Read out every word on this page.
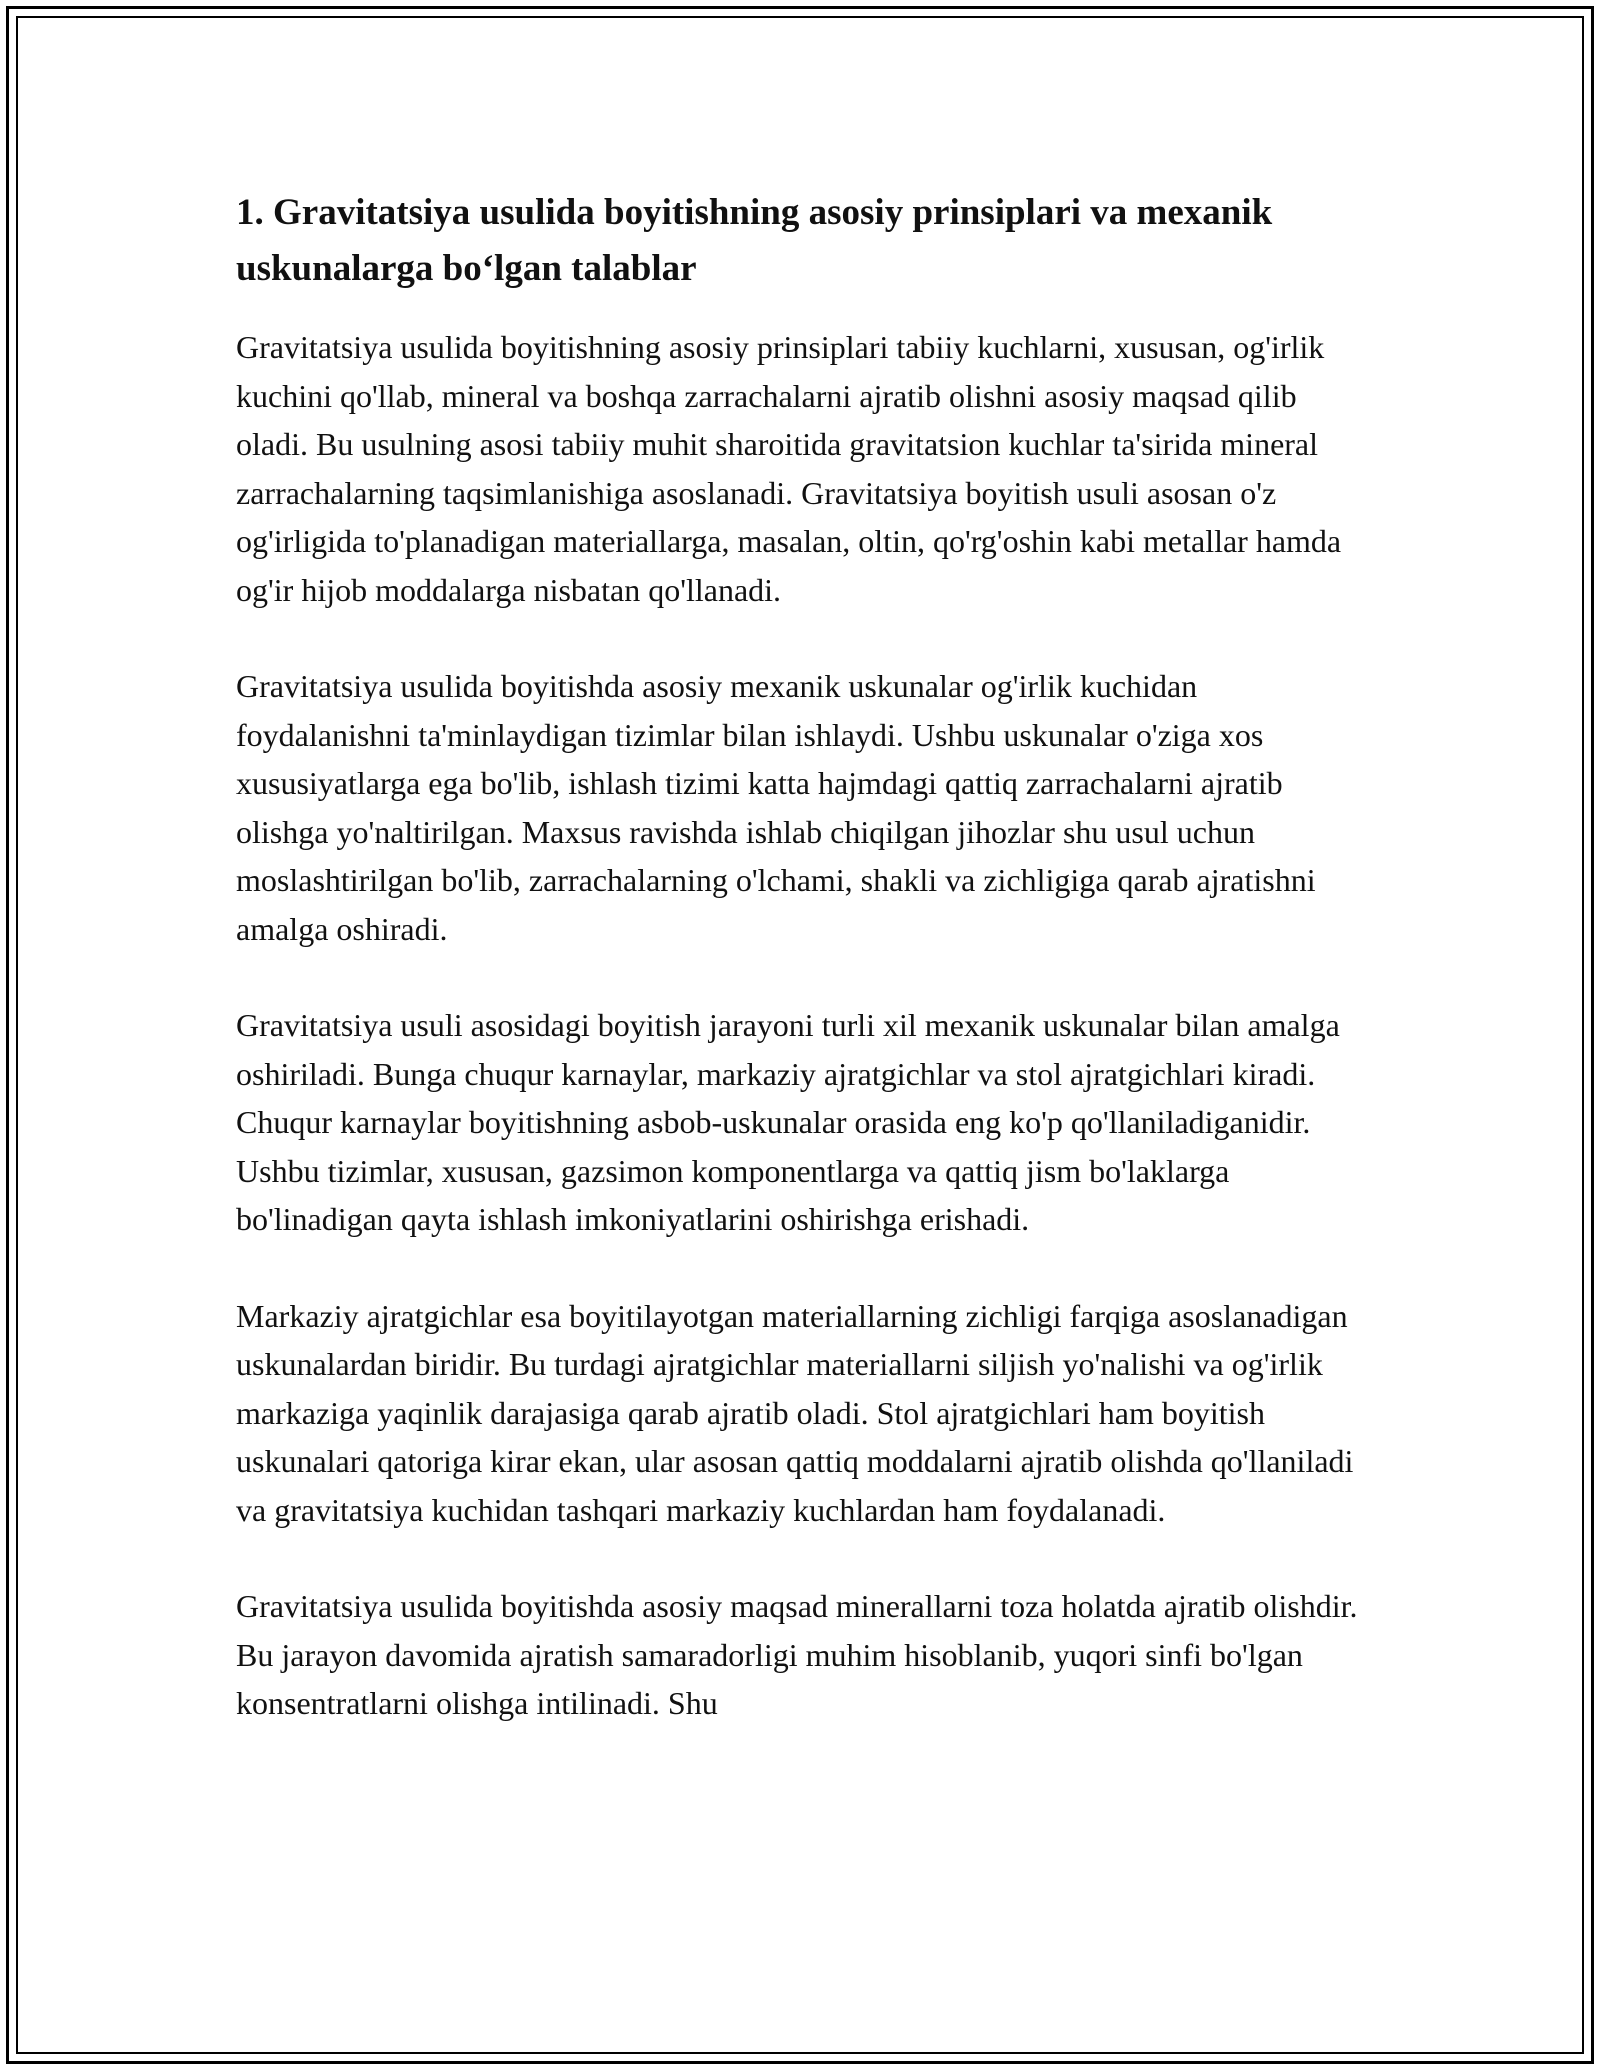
1. Gravitatsiya usulida boyitishning asosiy prinsiplari va mexanik uskunalarga bo‘lgan talablar

Gravitatsiya usulida boyitishning asosiy prinsiplari tabiiy kuchlarni, xususan, og'irlik kuchini qo'llab, mineral va boshqa zarrachalarni ajratib olishni asosiy maqsad qilib oladi. Bu usulning asosi tabiiy muhit sharoitida gravitatsion kuchlar ta'sirida mineral zarrachalarning taqsimlanishiga asoslanadi. Gravitatsiya boyitish usuli asosan o'z og'irligida to'planadigan materiallarga, masalan, oltin, qo'rg'oshin kabi metallar hamda og'ir hijob moddalarga nisbatan qo'llanadi.

Gravitatsiya usulida boyitishda asosiy mexanik uskunalar og'irlik kuchidan foydalanishni ta'minlaydigan tizimlar bilan ishlaydi. Ushbu uskunalar o'ziga xos xususiyatlarga ega bo'lib, ishlash tizimi katta hajmdagi qattiq zarrachalarni ajratib olishga yo'naltirilgan. Maxsus ravishda ishlab chiqilgan jihozlar shu usul uchun moslashtirilgan bo'lib, zarrachalarning o'lchami, shakli va zichligiga qarab ajratishni amalga oshiradi.

Gravitatsiya usuli asosidagi boyitish jarayoni turli xil mexanik uskunalar bilan amalga oshiriladi. Bunga chuqur karnaylar, markaziy ajratgichlar va stol ajratgichlari kiradi. Chuqur karnaylar boyitishning asbob-uskunalar orasida eng ko'p qo'llaniladiganidir. Ushbu tizimlar, xususan, gazsimon komponentlarga va qattiq jism bo'laklarga bo'linadigan qayta ishlash imkoniyatlarini oshirishga erishadi.

Markaziy ajratgichlar esa boyitilayotgan materiallarning zichligi farqiga asoslanadigan uskunalardan biridir. Bu turdagi ajratgichlar materiallarni siljish yo'nalishi va og'irlik markaziga yaqinlik darajasiga qarab ajratib oladi. Stol ajratgichlari ham boyitish uskunalari qatoriga kirar ekan, ular asosan qattiq moddalarni ajratib olishda qo'llaniladi va gravitatsiya kuchidan tashqari markaziy kuchlardan ham foydalanadi.

Gravitatsiya usulida boyitishda asosiy maqsad minerallarni toza holatda ajratib olishdir. Bu jarayon davomida ajratish samaradorligi muhim hisoblanib, yuqori sinfi bo'lgan konsentratlarni olishga intilinadi. Shu
